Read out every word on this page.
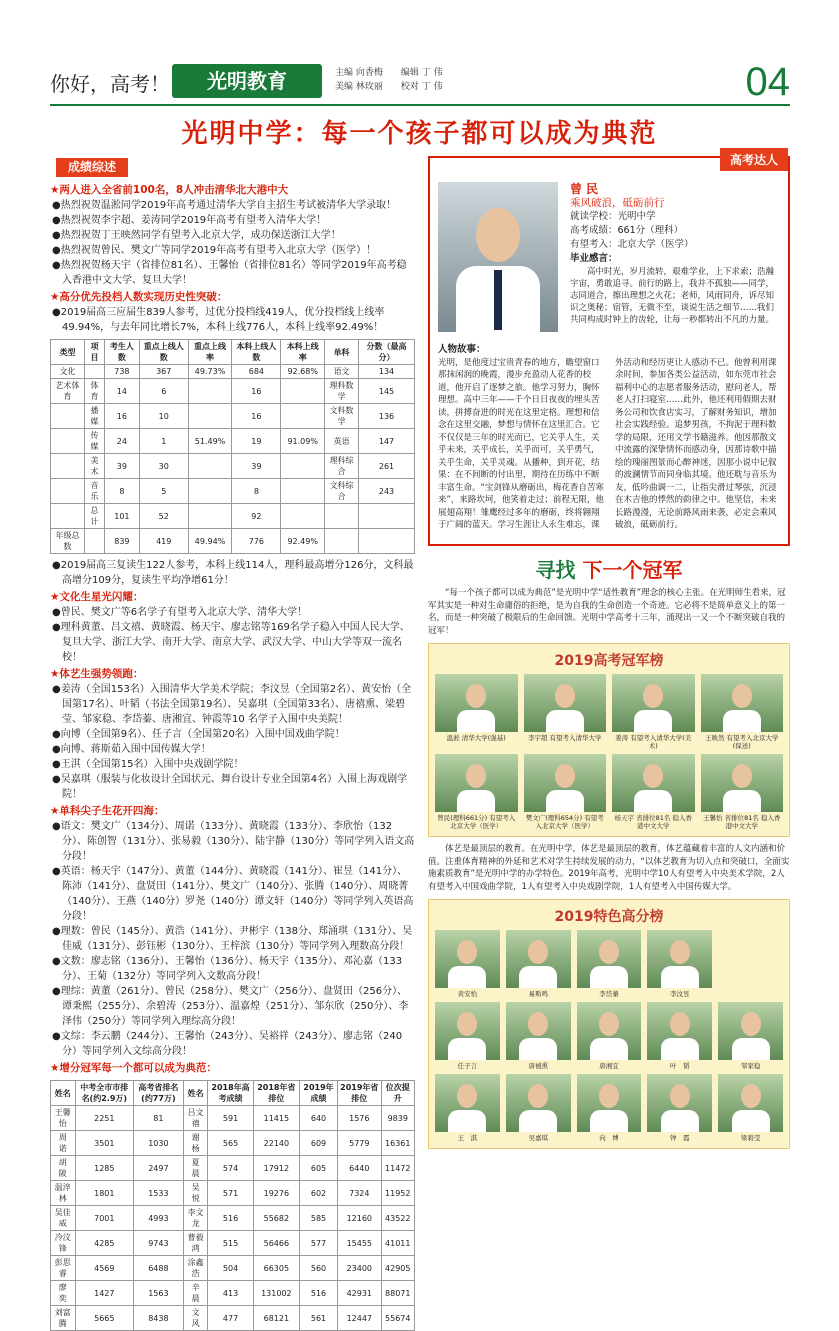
你好，高考！	光明教育	主编 向香梅　　编辑 丁 伟
美编 林玫丽　　校对 丁 伟	04
光明中学：每一个孩子都可以成为典范
成绩综述
★两人进入全省前100名，8人冲击清华北大港中大
●热烈祝贺温淞同学2019年高考通过清华大学自主招生考试被清华大学录取！
●热烈祝贺李宇超、姜涛同学2019年高考有望考入清华大学！
●热烈祝贺丁王映然同学有望考入北京大学，成功保送浙江大学！
●热烈祝贺曾民、樊文广等同学2019年高考有望考入北京大学（医学）！
●热烈祝贺杨天宇（省排位81名）、王馨怡（省排位81名）等同学2019年高考稳入香港中文大学、复旦大学！
★高分优先投档人数实现历史性突破：
●2019届高三应届生839人参考，过优分投档线419人，优分投档线上线率49.94%，与去年同比增长7%，本科上线776人，本科上线率92.49%！
类型	项目	考生人数	重点上线人数	重点上线率	本科上线人数	本科上线率	单科	分数（最高分）
文化		738	367	49.73%	684	92.68%	语文	134
艺术体育	体育	14	6		16		理科数学	145
	播媒	16	10		16		文科数学	136
	传媒	24	1	51.49%	19	91.09%	英语	147
	美术	39	30		39		理科综合	261
	音乐	8	5		8		文科综合	243
	总计	101	52		92			
年级总数		839	419	49.94%	776	92.49%		
●2019届高三复读生122人参考，本科上线114人，理科最高增分126分，文科最高增分109分，复读生平均净增61分！
★文化生星光闪耀：
●曾民、樊文广等6名学子有望考入北京大学、清华大学！
●理科黄董、吕文禧、黄晓霞、杨天宇、廖志铭等169名学子稳入中国人民大学、复旦大学、浙江大学、南开大学、南京大学、武汉大学、中山大学等双一流名校！
★体艺生强势领跑：
●姜涛（全国153名）入围清华大学美术学院；李汶昱（全国第2名）、黄安怡（全国第17名）、叶韬（书法全国第19名）、吴嘉琪（全国第33名）、唐禧熏、梁碧莹、邹家稳、李岱蓁、唐湘宜、钟霞等10 名学子入围中央美院！
●向博（全国第9名）、任子言（全国第20名）入围中国戏曲学院！
●向博、蒋斯茹入围中国传媒大学！
●王淇（全国第15名）入围中央戏剧学院！
●吴嘉琪（服装与化妆设计全国状元、舞台设计专业全国第4名）入围上海戏剧学院！
★单科尖子生花开四海：
●语文：樊文广（134分）、周诺（133分）、黄晓霞（133分）、李欣怡（132分）、陈创智（131分）、张易毅（130分）、陆宇静（130分）等同学列入语文高分段！
●英语：杨天宇（147分）、黄董（144分）、黄晓霞（141分）、崔昱（141分）、陈沛（141分）、盘贤田（141分）、樊文广（140分）、张腾（140分）、周晓菁（140分）、王燕（140分）罗尧（140分）谭文轩（140分）等同学列入英语高分段！
●理数：曾民（145分）、黄浩（141分）、尹彬宇（138分、郑涌琪（131分）、吴佳威（131分）、彭钰彬（130分）、王梓滨（130分）等同学列入理数高分段！
●文数：廖志铭（136分）、王馨怡（136分）、杨天宇（135分）、邓沁嘉（133分）、王菊（132分）等同学列入文数高分段！
●理综：黄董（261分）、曾民（258分）、樊文广（256分）、盘贤田（256分）、谭秉熙（255分）、余碧涛（253分）、温嘉煌（251分）、邹东欣（250分）、李泽伟（250分）等同学列入理综高分段！
●文综：李云鹏（244分）、王馨怡（243分）、吴裕祥（243分）、廖志铭（240分）等同学列入文综高分段！
★增分冠军每一个都可以成为典范：
姓名	中考全市市排名(约2.9万)	高考省排名(约77万)	姓名	2018年高考成绩	2018年省排位	2019年成绩	2019年省排位	位次提升
王馨怡	2251	81	吕文禧	591	11415	640	1576	9839
周　诺	3501	1030	谢　杨	565	22140	609	5779	16361
胡　陂	1285	2497	夏　晨	574	17912	605	6440	11472
温淬林	1801	1533	吴　悦	571	19276	602	7324	11952
吴佳威	7001	4993	李文龙	516	55682	585	12160	43522
冷汶锋	4285	9743	曹毅鸿	515	56466	577	15455	41011
彭思睿	4569	6488	涂鑫浩	504	66305	560	23400	42905
廖　奕	1427	1563	辛　晨	413	131002	516	42931	88071
刘富腾	5665	8438	文　风	477	68121	561	12447	55674
高考达人
曾 民
乘风破浪，砥砺前行
就读学校：光明中学
高考成绩：661分（理科）
有望考入：北京大学（医学）
毕业感言：
高中时光，岁月流转，艰难学业，上下求索；浩瀚宇宙，勇敢追寻。前行的路上，我并不孤独——同学，志同道合，擦出理想之火花；老师，风雨同舟，诉尽知识之奥秘；宿管，无微不至，谈说生活之细节……我们共同构成时钟上的齿轮，让每一秒都转出不凡的力量。
人物故事：
光明，是他度过宝贵青春的地方，瞻望窗口那抹闲润的晚霞，漫步充盈动人花香的校道，他开启了逐梦之旅。他学习努力，胸怀理想。高中三年——千个日日夜夜的埋头苦读，拼搏奋进的时光在这里定格。理想和信念在这里交融，梦想与情怀在这里汇合。它不仅仅是三年的时光而已，它关乎人生，关乎未来，关乎成长，关乎而可，关乎勇气，关乎生命，关乎灵魂。从播种，到开花，结果：在不间断的付出里，期待在历练中不断丰富生命。“宝剑锋从磨砺出，梅花香自苦寒来”，来路坎坷，他笑着走过；前程无限，他展翅高翔！雏鹰经过多年的磨砺，终将翱翔于广阔的蓝天。学习生涯让人永生难忘，课外活动和经历更让人感动不已。他曾利用课余时间，参加各类公益活动，如东莞市社会福利中心的志愿者服务活动，慰问老人，帮老人打扫寝室……此外，他还利用假期去财务公司和饮食店实习，了解财务知识，增加社会实践经验。追梦男孩，不拘泥于理科数学的局限，还用文学书籍滋养。他因那散文中流露的深挚情怀而感动身，因那诗歌中描绘的瑰丽图景而心醉神迷，因那小说中记叙的波澜情节而同身临其境。他还耽与音乐为友，低吟曲调一二，让指尖滑过琴弦，沉浸在木吉他的悸然的韵律之中。他坚信，未来长路漫漫，无论前路风雨来袭，必定会乘风破浪，砥砺前行。
寻找 下一个冠军
“每一个孩子都可以成为典范”是光明中学“适性教育”理念的核心主张。在光明师生看来，冠军其实是一种对生命庸俗的拒绝，是为自我的生命创造一个奇迹。它必将不是简单意义上的第一名，而是一种突破了极限后的生命回馈。光明中学高考十三年，涌现出一又一个不断突破自我的冠军！
2019高考冠军榜
温淞 清华大学(强基)	李宇超 有望考入清华大学	姜涛 有望考入清华大学(美术)
王映然 有望考入北京大学(保送)
曾民(理科661分) 有望考入北京大学（医学）
樊文广(理科654分) 有望考入北京大学（医学）
杨天宇 省排位81名 稳入香港中文大学
王馨怡 省排位81名 稳入香港中文大学
体艺是最顶层的教育。在光明中学，体艺是最顶层的教育，体艺蕴藏着丰富的人文内涵和价值。注重体育精神的外延和艺术对学生持续发展的动力，“以体艺教育为切入点和突破口，全面实施素质教育”是光明中学的办学特色。2019年高考，光明中学10人有望考入中央美术学院，2人有望考入中国戏曲学院，1人有望考入中央戏剧学院，1人有望考入中国传媒大学。
2019特色高分榜
黄安怡	易斯鸣	李岱蓁	李汶昱
任子言	唐禧熏	唐湘宜	叶　韬	邹家稳
王　淇	吴嘉琪	向　博	钟　霞	梁碧莹
